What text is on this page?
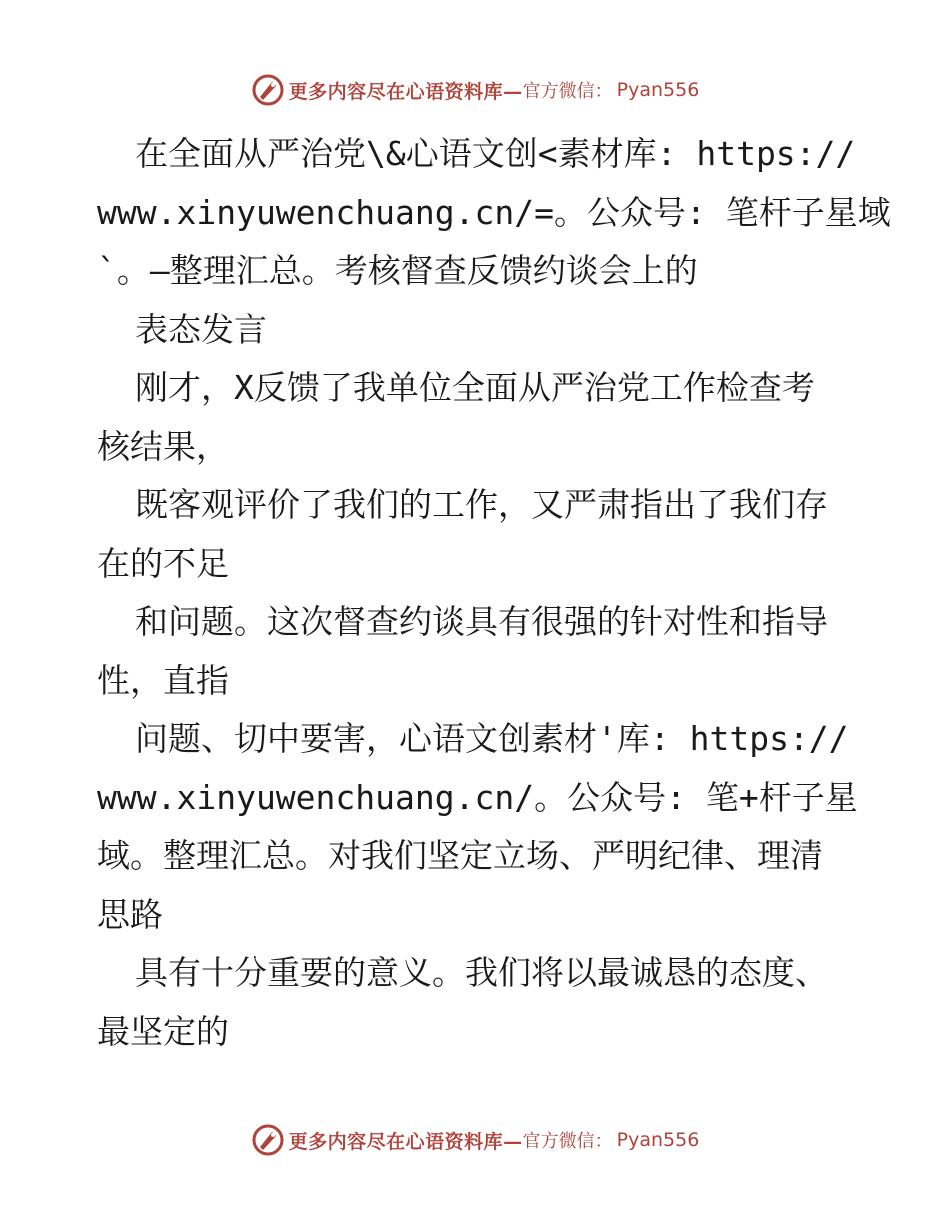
更多内容尽在心语资料库— 官方微信： Pyan556
在全面从严治党\&心语文创<素材库: https://
www.xinyuwenchuang.cn/=。公众号: 笔杆子星域
`。—整理汇总。考核督查反馈约谈会上的
表态发言
刚才，X反馈了我单位全面从严治党工作检查考
核结果，
既客观评价了我们的工作，又严肃指出了我们存
在的不足
和问题。这次督查约谈具有很强的针对性和指导
性，直指
问题、切中要害，心语文创素材'库: https://
www.xinyuwenchuang.cn/。公众号: 笔+杆子星
域。整理汇总。对我们坚定立场、严明纪律、理清
思路
具有十分重要的意义。我们将以最诚恳的态度、
最坚定的
更多内容尽在心语资料库— 官方微信： Pyan556
